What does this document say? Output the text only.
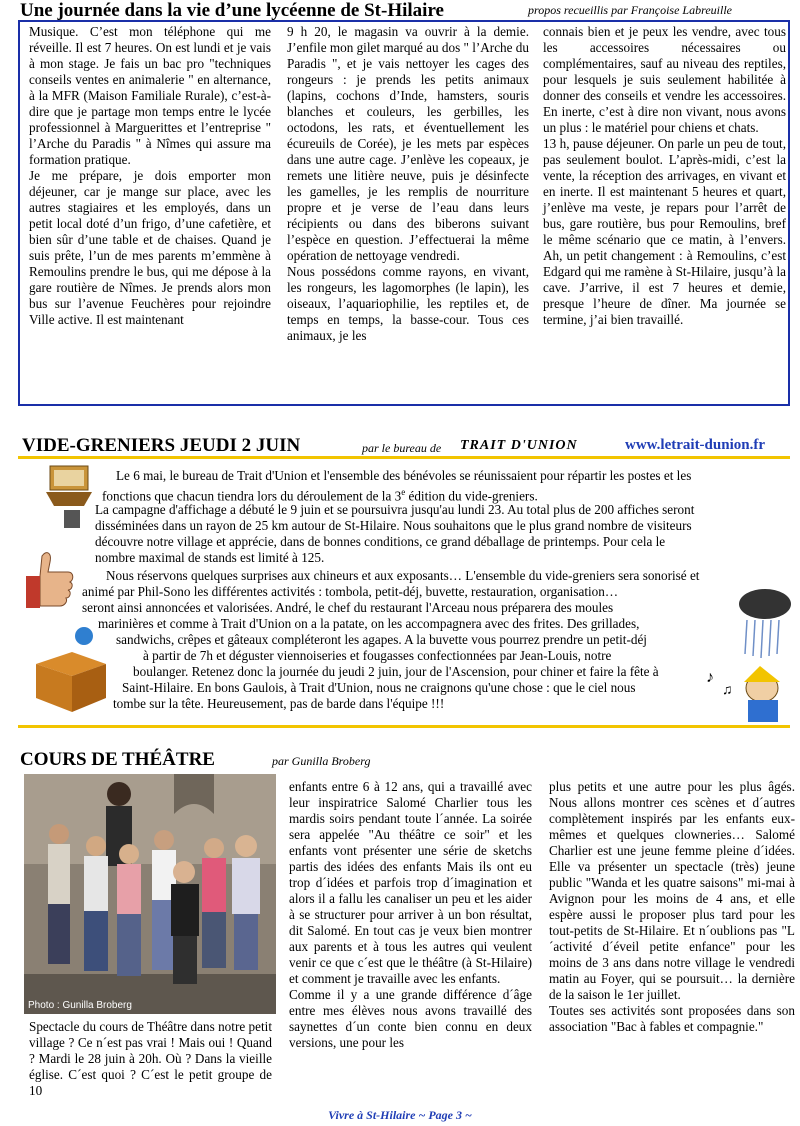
Une journée dans la vie d’une lycéenne de St-Hilaire	propos recueillis par Françoise Labreuille

Musique. C’est mon téléphone qui me réveille. Il est 7 heures. On est lundi et je vais à mon stage. Je fais un bac pro "techniques conseils ventes en animalerie " en alternance, à la MFR (Maison Familiale Rurale), c’est-à-dire que je partage mon temps entre le lycée professionnel à Marguerittes et l’entreprise " l’Arche du Paradis " à Nîmes qui assure ma formation pratique.

Je me prépare, je dois emporter mon déjeuner, car je mange sur place, avec les autres stagiaires et les employés, dans un petit local doté d’un frigo, d’une cafetière, et bien sûr d’une table et de chaises. Quand je suis prête, l’un de mes parents m’emmène à Remoulins prendre le bus, qui me dépose à la gare routière de Nîmes. Je prends alors mon bus sur l’avenue Feuchères pour rejoindre Ville active. Il est maintenant

9 h 20, le magasin va ouvrir à la demie. J’enfile mon gilet marqué au dos " l’Arche du Paradis ", et je vais nettoyer les cages des rongeurs : je prends les petits animaux (lapins, cochons d’Inde, hamsters, souris blanches et couleurs, les gerbilles, les octodons, les rats, et éventuellement les écureuils de Corée), je les mets par espèces dans une autre cage. J’enlève les copeaux, je remets une litière neuve, puis je désinfecte les gamelles, je les remplis de nourriture propre et je verse de l’eau dans leurs récipients ou dans des biberons suivant l’espèce en question. J’effectuerai la même opération de nettoyage vendredi.

Nous possédons comme rayons, en vivant, les rongeurs, les lagomorphes (le lapin), les oiseaux, l’aquariophilie, les reptiles et, de temps en temps, la basse-cour. Tous ces animaux, je les

connais bien et je peux les vendre, avec tous les accessoires nécessaires ou complémentaires, sauf au niveau des reptiles, pour lesquels je suis seulement habilitée à donner des conseils et vendre les accessoires. En inerte, c’est à dire non vivant, nous avons un plus : le matériel pour chiens et chats.

13 h, pause déjeuner. On parle un peu de tout, pas seulement boulot. L’après-midi, c’est la vente, la réception des arrivages, en vivant et en inerte. Il est maintenant 5 heures et quart, j’enlève ma veste, je repars pour l’arrêt de bus, gare routière, bus pour Remoulins, bref le même scénario que ce matin, à l’envers. Ah, un petit changement : à Remoulins, c’est Edgard qui me ramène à St-Hilaire, jusqu’à la cave. J’arrive, il est 7 heures et demie, presque l’heure de dîner. Ma journée se termine, j’ai bien travaillé.

VIDE-GRENIERS JEUDI 2 JUIN	par le bureau de TRAIT D'UNION	www.letrait-dunion.fr
Le 6 mai, le bureau de Trait d'Union et l'ensemble des bénévoles se réunissaient pour répartir les postes et les
fonctions que chacun tiendra lors du déroulement de la 3e édition du vide-greniers.
La campagne d'affichage a débuté le 9 juin et se poursuivra jusqu'au lundi 23. Au total plus de 200 affiches seront
disséminées dans un rayon de 25 km autour de St-Hilaire. Nous souhaitons que le plus grand nombre de visiteurs
découvre notre village et apprécie, dans de bonnes conditions, ce grand déballage de printemps. Pour cela le
nombre maximal de stands est limité à 125.
Nous réservons quelques surprises aux chineurs et aux exposants… L'ensemble du vide-greniers sera sonorisé et
animé par Phil-Sono les différentes activités : tombola, petit-déj, buvette, restauration, organisation…
seront ainsi annoncées et valorisées. André, le chef du restaurant l'Arceau nous préparera des moules
marinières et comme à Trait d'Union on a la patate, on les accompagnera avec des frites. Des grillades,
sandwichs, crêpes et gâteaux compléteront les agapes. A la buvette vous pourrez prendre un petit-déj
à partir de 7h et déguster viennoiseries et fougasses confectionnées par Jean-Louis, notre
boulanger. Retenez donc la journée du jeudi 2 juin, jour de l'Ascension, pour chiner et faire la fête à
Saint-Hilaire. En bons Gaulois, à Trait d'Union, nous ne craignons qu'une chose : que le ciel nous
tombe sur la tête. Heureusement, pas de barde dans l'équipe !!!
♪
♫
COURS DE THÉÂTRE	par Gunilla Broberg
Photo : Gunilla Broberg
Spectacle du cours de Théâtre dans notre petit village ? Ce n´est pas vrai ! Mais oui ! Quand ? Mardi le 28 juin à 20h. Où ? Dans la vieille église. C´est quoi ? C´est le petit groupe de 10

enfants entre 6 à 12 ans, qui a travaillé avec leur inspiratrice Salomé Charlier tous les mardis soirs pendant toute l´année. La soirée sera appelée "Au théâtre ce soir" et les enfants vont présenter une série de sketchs partis des idées des enfants Mais ils ont eu trop d´idées et parfois trop d´imagination et alors il a fallu les canaliser un peu et les aider à se structurer pour arriver à un bon résultat, dit Salomé. En tout cas je veux bien montrer aux parents et à tous les autres qui veulent venir ce que c´est que le théâtre (à St-Hilaire) et comment je travaille avec les enfants.

Comme il y a une grande différence d´âge entre mes élèves nous avons travaillé des saynettes d´un conte bien connu en deux versions, une pour les

plus petits et une autre pour les plus âgés. Nous allons montrer ces scènes et d´autres complètement inspirés par les enfants eux-mêmes et quelques clowneries… Salomé Charlier est une jeune femme pleine d´idées. Elle va présenter un spectacle (très) jeune public "Wanda et les quatre saisons" mi-mai à Avignon pour les moins de 4 ans, et elle espère aussi le proposer plus tard pour les tout-petits de St-Hilaire. Et n´oublions pas "L´activité d´éveil petite enfance" pour les moins de 3 ans dans notre village le vendredi matin au Foyer, qui se poursuit… la dernière de la saison le 1er juillet.

Toutes ses activités sont proposées dans son association "Bac à fables et compagnie."

Vivre à St-Hilaire ~ Page 3 ~
